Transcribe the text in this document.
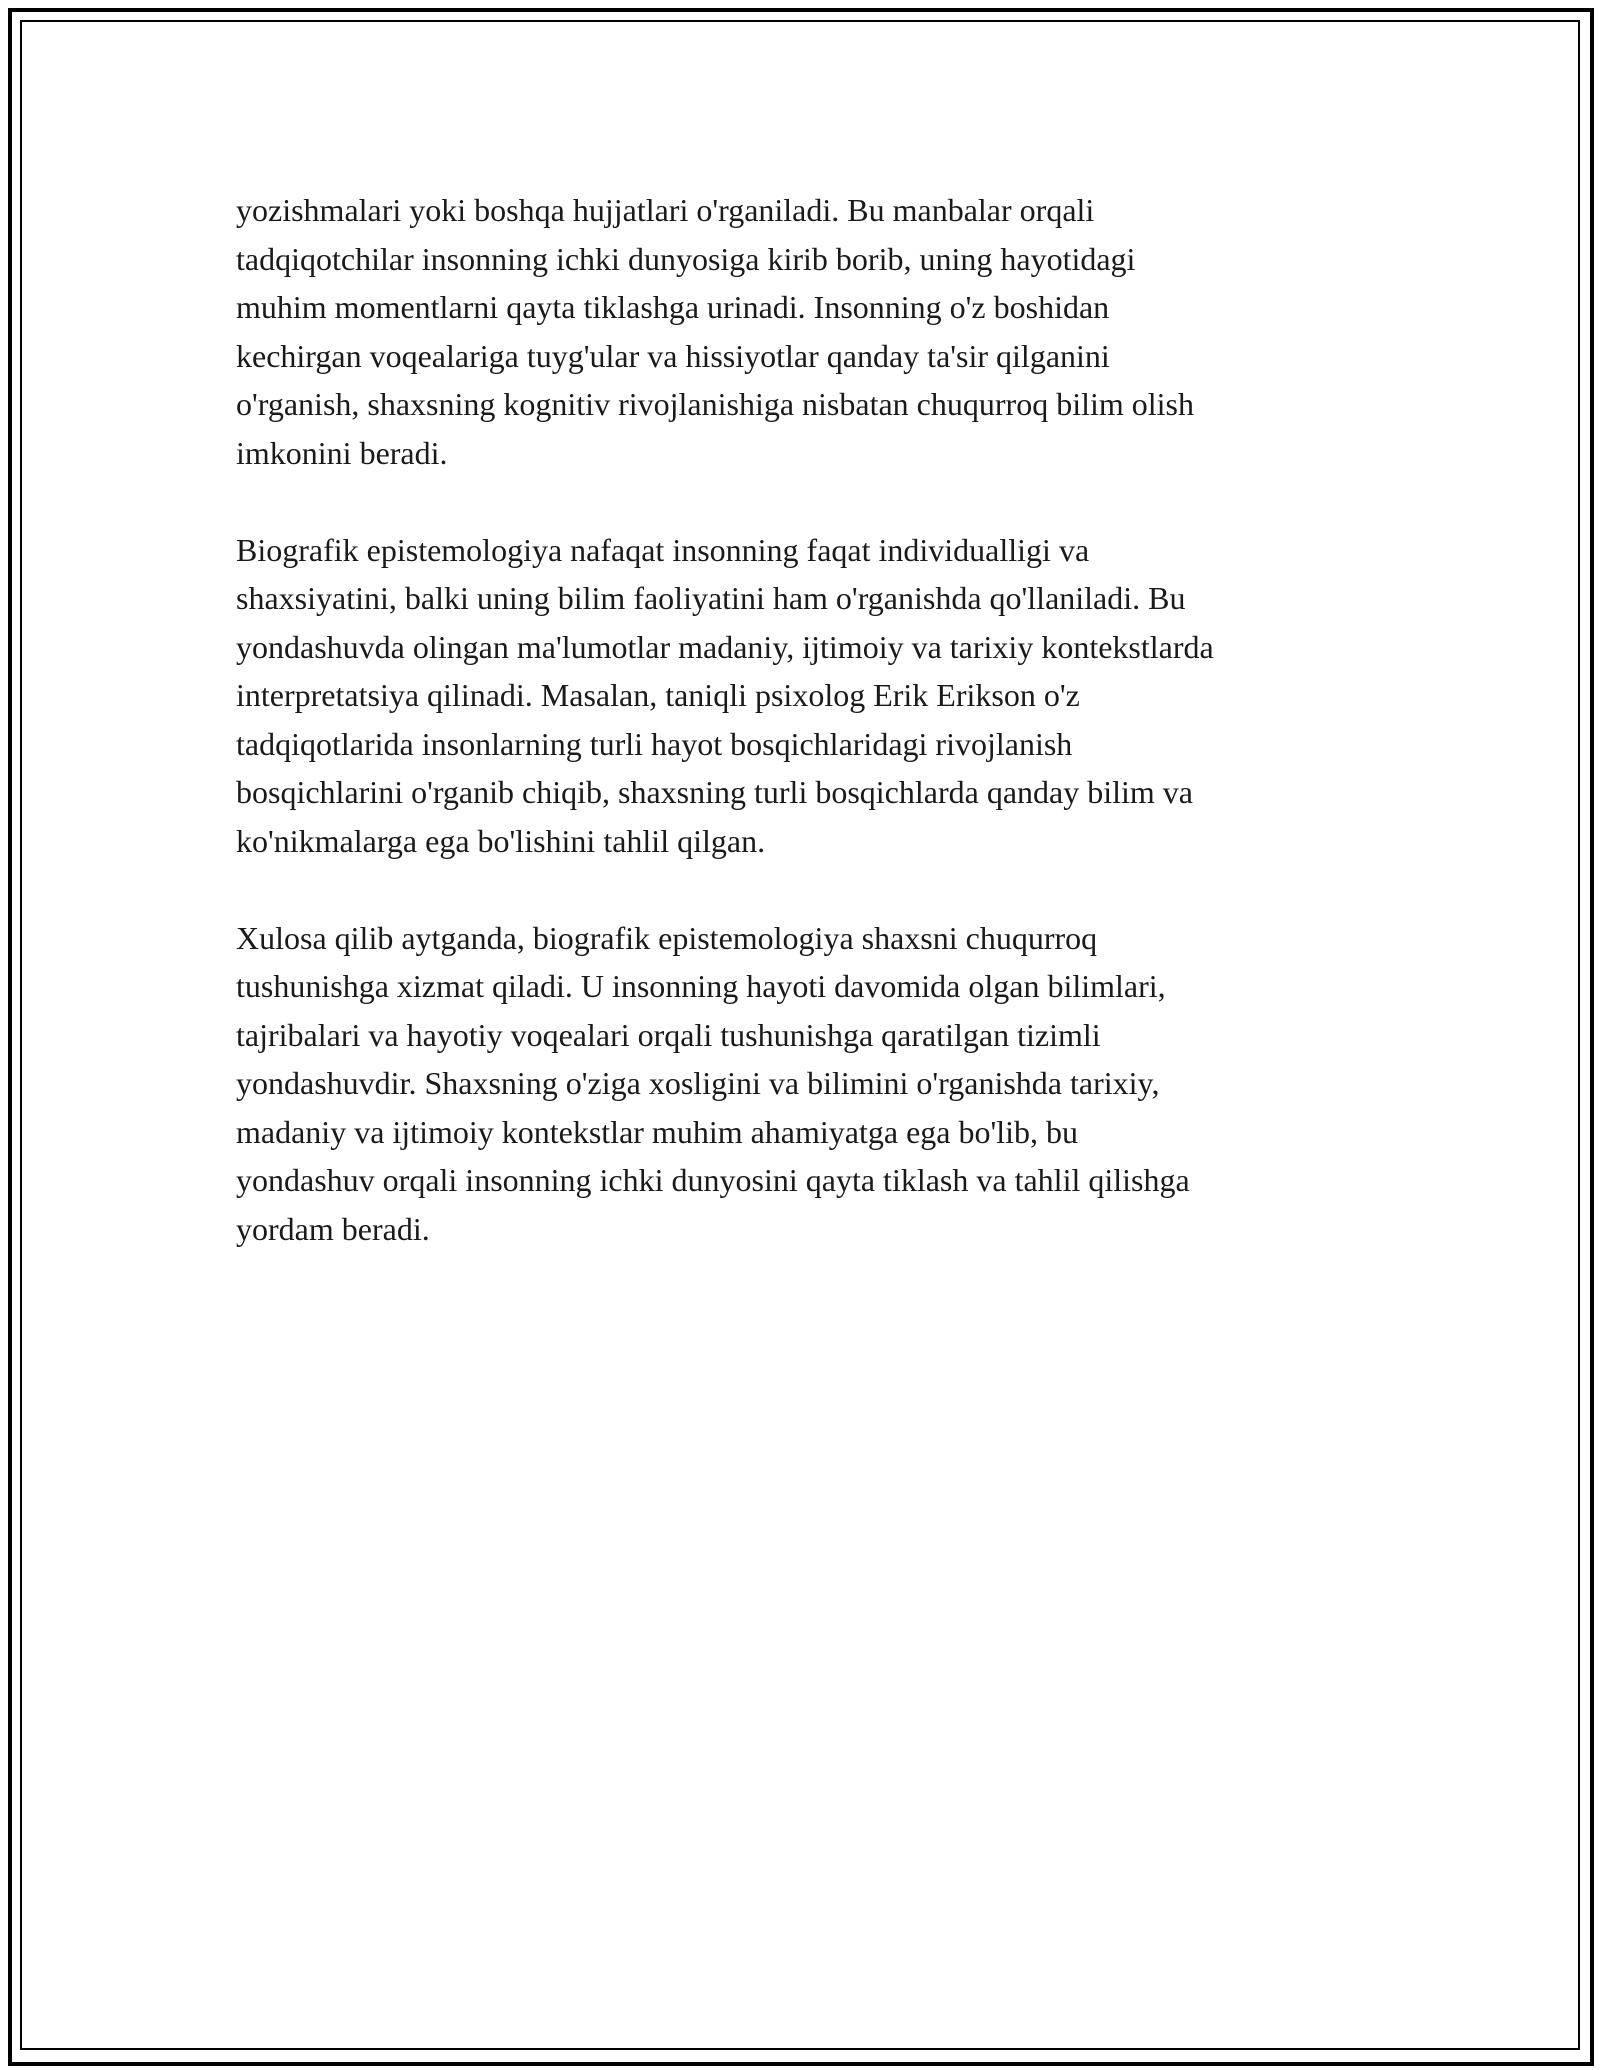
yozishmalari yoki boshqa hujjatlari o'rganiladi. Bu manbalar orqali
tadqiqotchilar insonning ichki dunyosiga kirib borib, uning hayotidagi
muhim momentlarni qayta tiklashga urinadi. Insonning o'z boshidan
kechirgan voqealariga tuyg'ular va hissiyotlar qanday ta'sir qilganini
o'rganish, shaxsning kognitiv rivojlanishiga nisbatan chuqurroq bilim olish
imkonini beradi.

Biografik epistemologiya nafaqat insonning faqat individualligi va
shaxsiyatini, balki uning bilim faoliyatini ham o'rganishda qo'llaniladi. Bu
yondashuvda olingan ma'lumotlar madaniy, ijtimoiy va tarixiy kontekstlarda
interpretatsiya qilinadi. Masalan, taniqli psixolog Erik Erikson o'z
tadqiqotlarida insonlarning turli hayot bosqichlaridagi rivojlanish
bosqichlarini o'rganib chiqib, shaxsning turli bosqichlarda qanday bilim va
ko'nikmalarga ega bo'lishini tahlil qilgan.

Xulosa qilib aytganda, biografik epistemologiya shaxsni chuqurroq
tushunishga xizmat qiladi. U insonning hayoti davomida olgan bilimlari,
tajribalari va hayotiy voqealari orqali tushunishga qaratilgan tizimli
yondashuvdir. Shaxsning o'ziga xosligini va bilimini o'rganishda tarixiy,
madaniy va ijtimoiy kontekstlar muhim ahamiyatga ega bo'lib, bu
yondashuv orqali insonning ichki dunyosini qayta tiklash va tahlil qilishga
yordam beradi.
